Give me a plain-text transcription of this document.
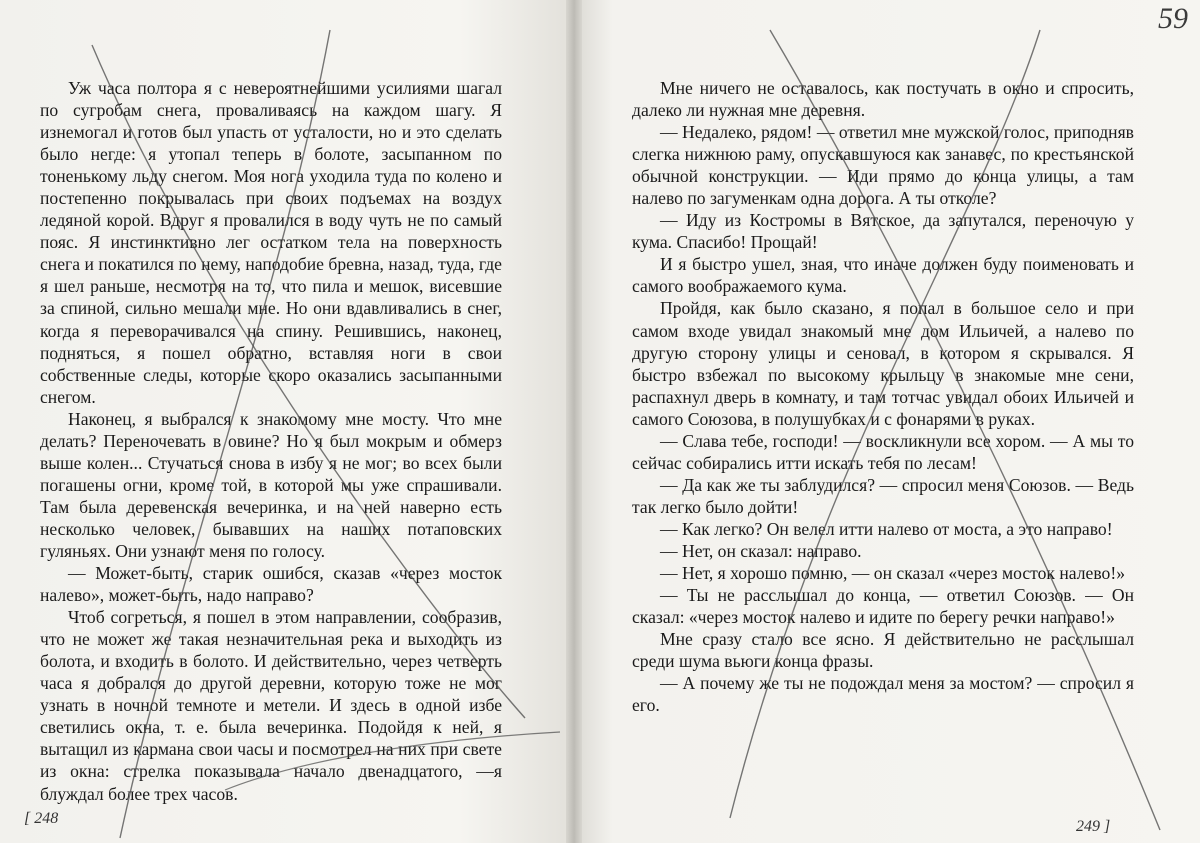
Уж часа полтора я с невероятнейшими усилиями шагал по сугробам снега, проваливаясь на каждом шагу. Я изнемогал и готов был упасть от усталости, но и это сделать было негде: я утопал теперь в болоте, засыпанном по тоненькому льду снегом. Моя нога уходила туда по колено и постепенно покрывалась при своих подъемах на воздух ледяной корой. Вдруг я провалился в воду чуть не по самый пояс. Я инстинктивно лег остатком тела на поверхность снега и покатился по нему, наподобие бревна, назад, туда, где я шел раньше, несмотря на то, что пила и мешок, висевшие за спиной, сильно мешали мне. Но они вдавливались в снег, когда я переворачивался на спину. Решившись, наконец, подняться, я пошел обратно, вставляя ноги в свои собственные следы, которые скоро оказались засыпанными снегом.

Наконец, я выбрался к знакомому мне мосту. Что мне делать? Переночевать в овине? Но я был мокрым и обмерз выше колен... Стучаться снова в избу я не мог; во всех были погашены огни, кроме той, в которой мы уже спрашивали. Там была деревенская вечеринка, и на ней наверно есть несколько человек, бывавших на наших потаповских гуляньях. Они узнают меня по голосу.

— Может-быть, старик ошибся, сказав «через мосток налево», может-быть, надо направо?

Чтоб согреться, я пошел в этом направлении, сообразив, что не может же такая незначительная река и выходить из болота, и входить в болото. И действительно, через четверть часа я добрался до другой деревни, которую тоже не мог узнать в ночной темноте и метели. И здесь в одной избе светились окна, т. е. была вечеринка. Подойдя к ней, я вытащил из кармана свои часы и посмотрел на них при свете из окна: стрелка показывала начало двенадцатого, —я блуждал более трех часов.

Мне ничего не оставалось, как постучать в окно и спросить, далеко ли нужная мне деревня.

— Недалеко, рядом! — ответил мне мужской голос, приподняв слегка нижнюю раму, опускавшуюся как занавес, по крестьянской обычной конструкции. — Иди прямо до конца улицы, а там налево по загуменкам одна дорога. А ты отколе?

— Иду из Костромы в Вятское, да запутался, переночую у кума. Спасибо! Прощай!

И я быстро ушел, зная, что иначе должен буду поименовать и самого воображаемого кума.

Пройдя, как было сказано, я попал в большое село и при самом входе увидал знакомый мне дом Ильичей, а налево по другую сторону улицы и сеновал, в котором я скрывался. Я быстро взбежал по высокому крыльцу в знакомые мне сени, распахнул дверь в комнату, и там тотчас увидал обоих Ильичей и самого Союзова, в полушубках и с фонарями в руках.

— Слава тебе, господи! — воскликнули все хором. — А мы то сейчас собирались итти искать тебя по лесам!

— Да как же ты заблудился? — спросил меня Союзов. — Ведь так легко было дойти!

— Как легко? Он велел итти налево от моста, а это направо!

— Нет, он сказал: направо.

— Нет, я хорошо помню, — он сказал «через мосток налево!»

— Ты не расслышал до конца, — ответил Союзов. — Он сказал: «через мосток налево и идите по берегу речки направо!»

Мне сразу стало все ясно. Я действительно не расслышал среди шума вьюги конца фразы.

— А почему же ты не подождал меня за мостом? — спросил я его.

[ 248	249 ]
59
